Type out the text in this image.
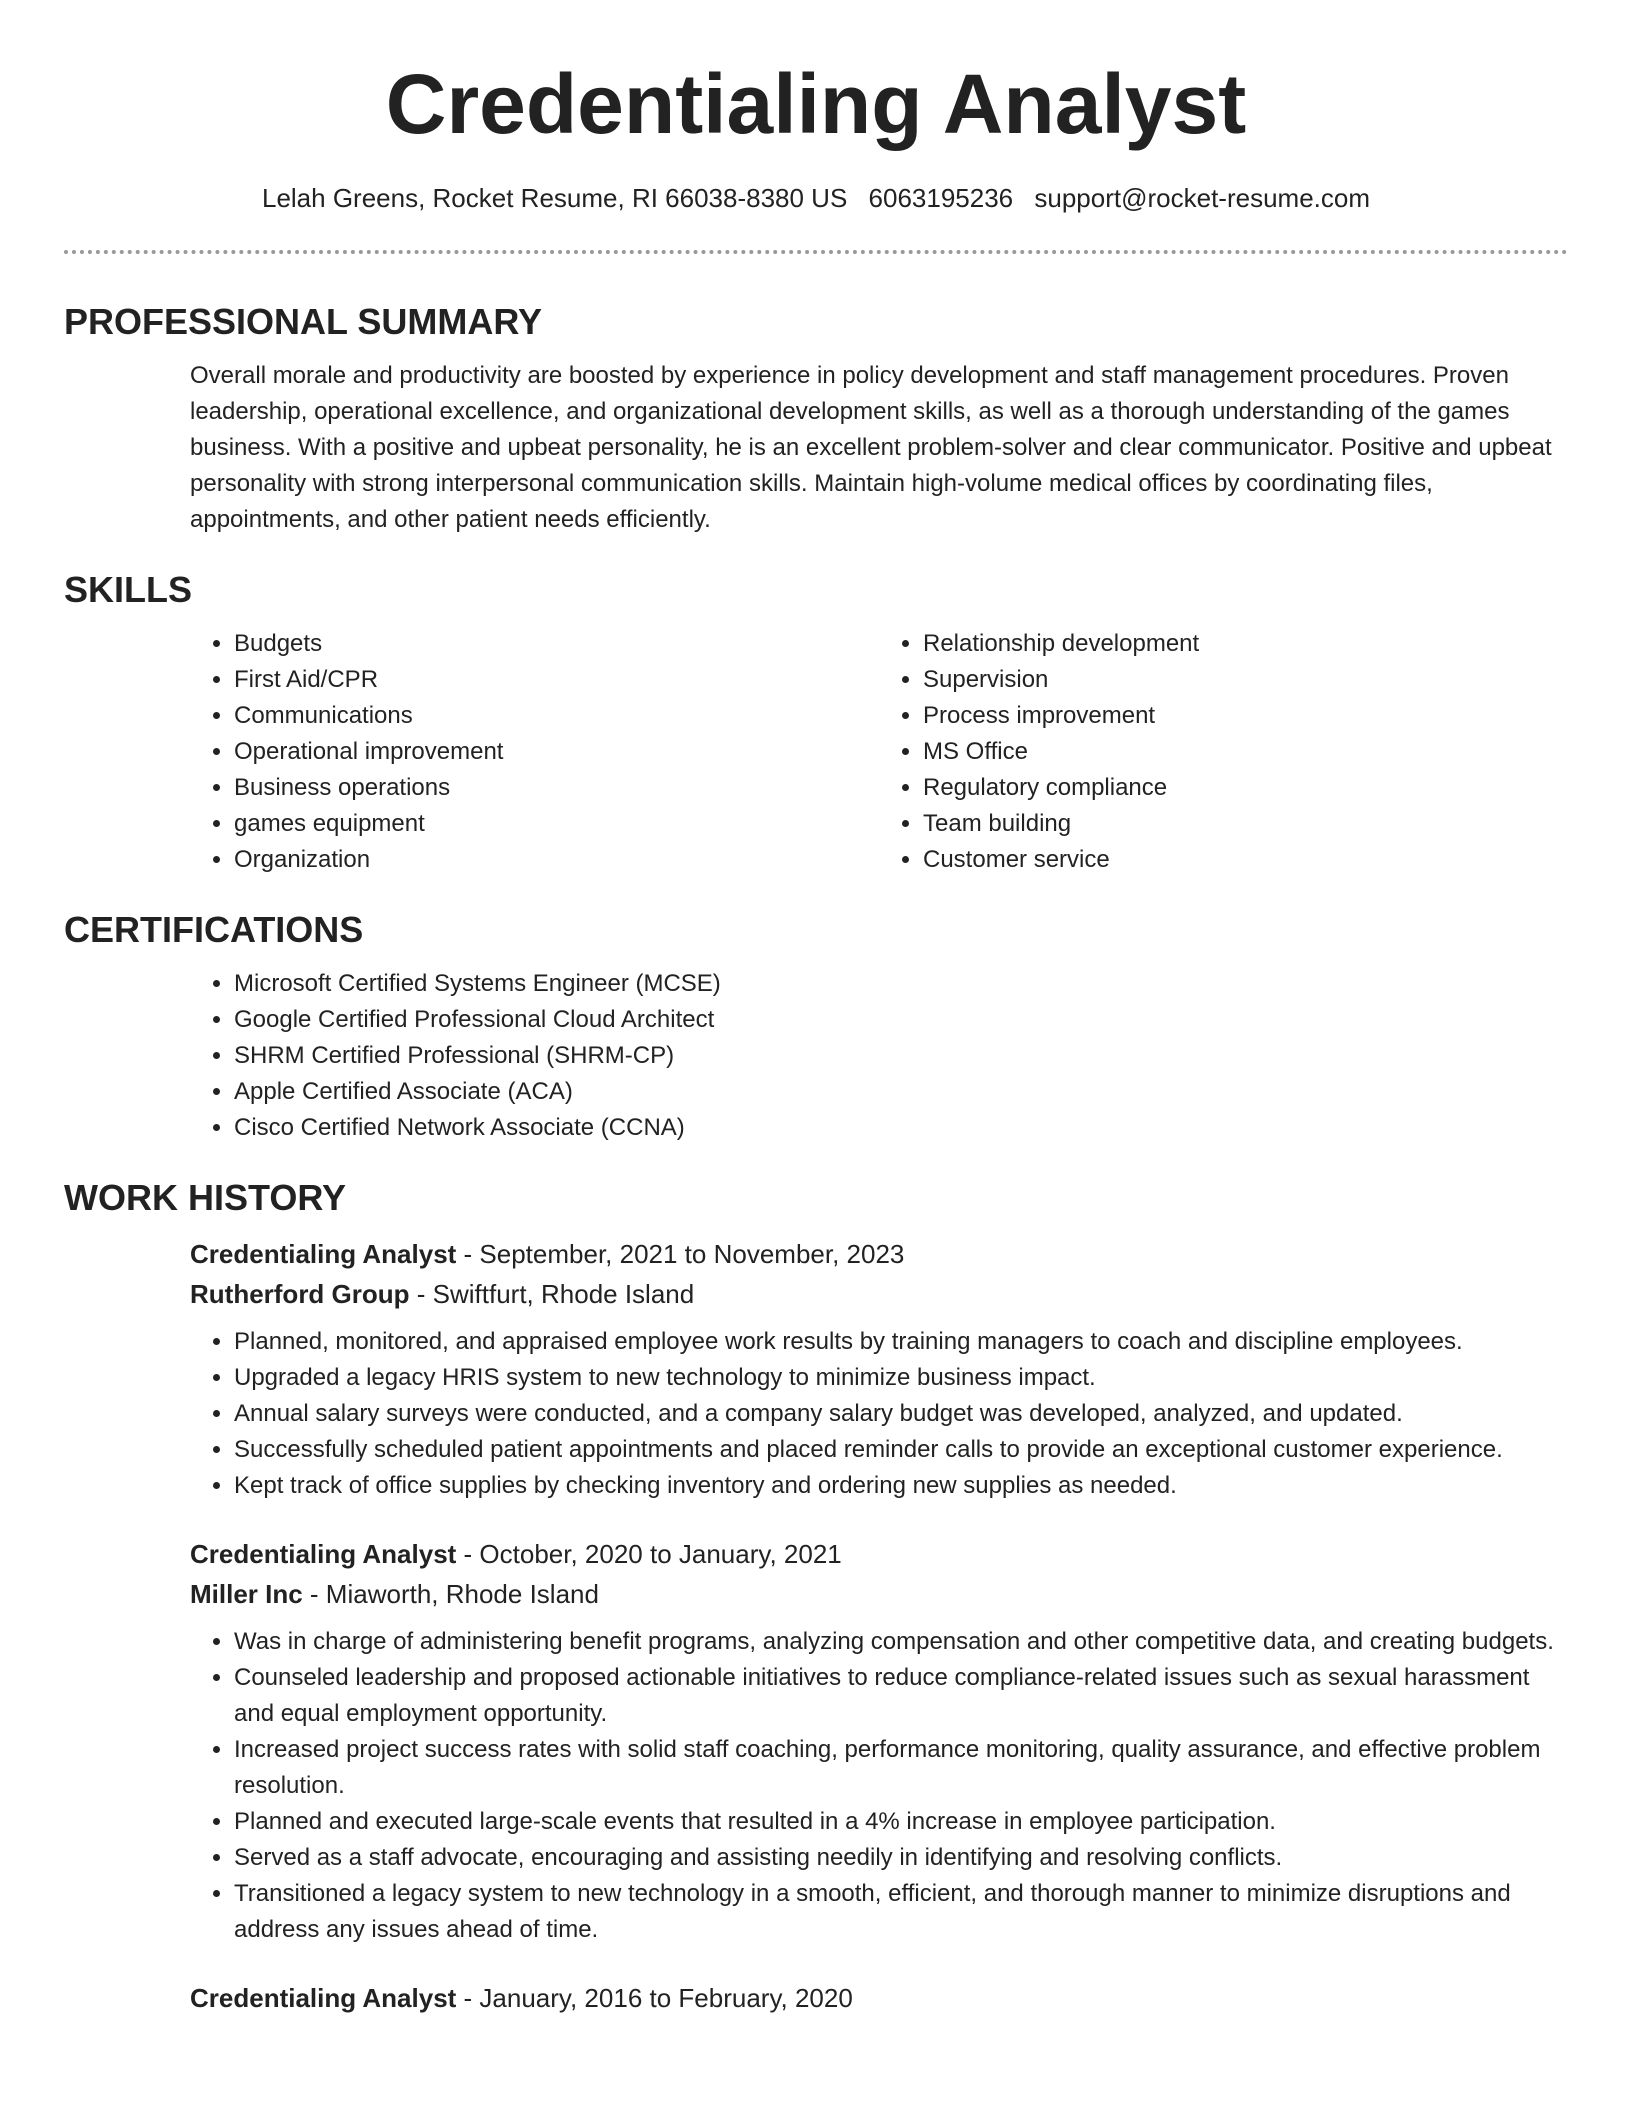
Credentialing Analyst
Lelah Greens, Rocket Resume, RI 66038-8380 US 6063195236 support@rocket-resume.com
PROFESSIONAL SUMMARY

Overall morale and productivity are boosted by experience in policy development and staff management procedures. Proven leadership, operational excellence, and organizational development skills, as well as a thorough understanding of the games business. With a positive and upbeat personality, he is an excellent problem-solver and clear communicator. Positive and upbeat personality with strong interpersonal communication skills. Maintain high-volume medical offices by coordinating files, appointments, and other patient needs efficiently.

SKILLS
• Budgets
• First Aid/CPR
• Communications
• Operational improvement
• Business operations
• games equipment
• Organization
• Relationship development
• Supervision
• Process improvement
• MS Office
• Regulatory compliance
• Team building
• Customer service
CERTIFICATIONS
• Microsoft Certified Systems Engineer (MCSE)
• Google Certified Professional Cloud Architect
• SHRM Certified Professional (SHRM-CP)
• Apple Certified Associate (ACA)
• Cisco Certified Network Associate (CCNA)
WORK HISTORY
Credentialing Analyst - September, 2021 to November, 2023
Rutherford Group - Swiftfurt, Rhode Island
• Planned, monitored, and appraised employee work results by training managers to coach and discipline employees.
• Upgraded a legacy HRIS system to new technology to minimize business impact.
• Annual salary surveys were conducted, and a company salary budget was developed, analyzed, and updated.
• Successfully scheduled patient appointments and placed reminder calls to provide an exceptional customer experience.
• Kept track of office supplies by checking inventory and ordering new supplies as needed.
Credentialing Analyst - October, 2020 to January, 2021
Miller Inc - Miaworth, Rhode Island
• Was in charge of administering benefit programs, analyzing compensation and other competitive data, and creating budgets.
• Counseled leadership and proposed actionable initiatives to reduce compliance-related issues such as sexual harassment and equal employment opportunity.
• Increased project success rates with solid staff coaching, performance monitoring, quality assurance, and effective problem resolution.
• Planned and executed large-scale events that resulted in a 4% increase in employee participation.
• Served as a staff advocate, encouraging and assisting needily in identifying and resolving conflicts.
• Transitioned a legacy system to new technology in a smooth, efficient, and thorough manner to minimize disruptions and address any issues ahead of time.
Credentialing Analyst - January, 2016 to February, 2020
